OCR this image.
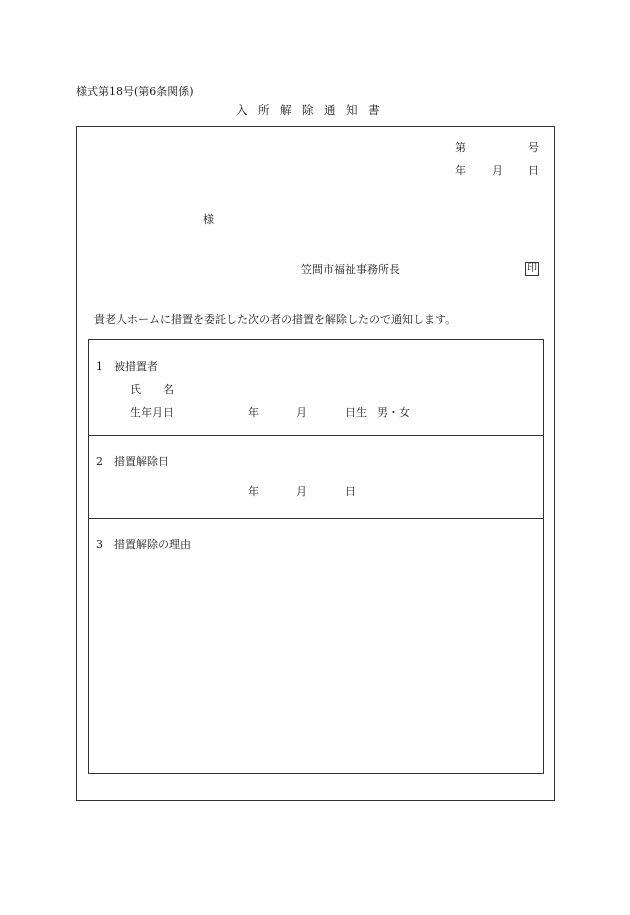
様式第18号(第6条関係)
入所解除通知書
第	号
年 月 日
様
笠間市福祉事務所長	印
貴老人ホームに措置を委託した次の者の措置を解除したので通知します。
1　被措置者
氏　　名
生年月日	年	月	日生 男・女
2　措置解除日
年	月	日
3　措置解除の理由
